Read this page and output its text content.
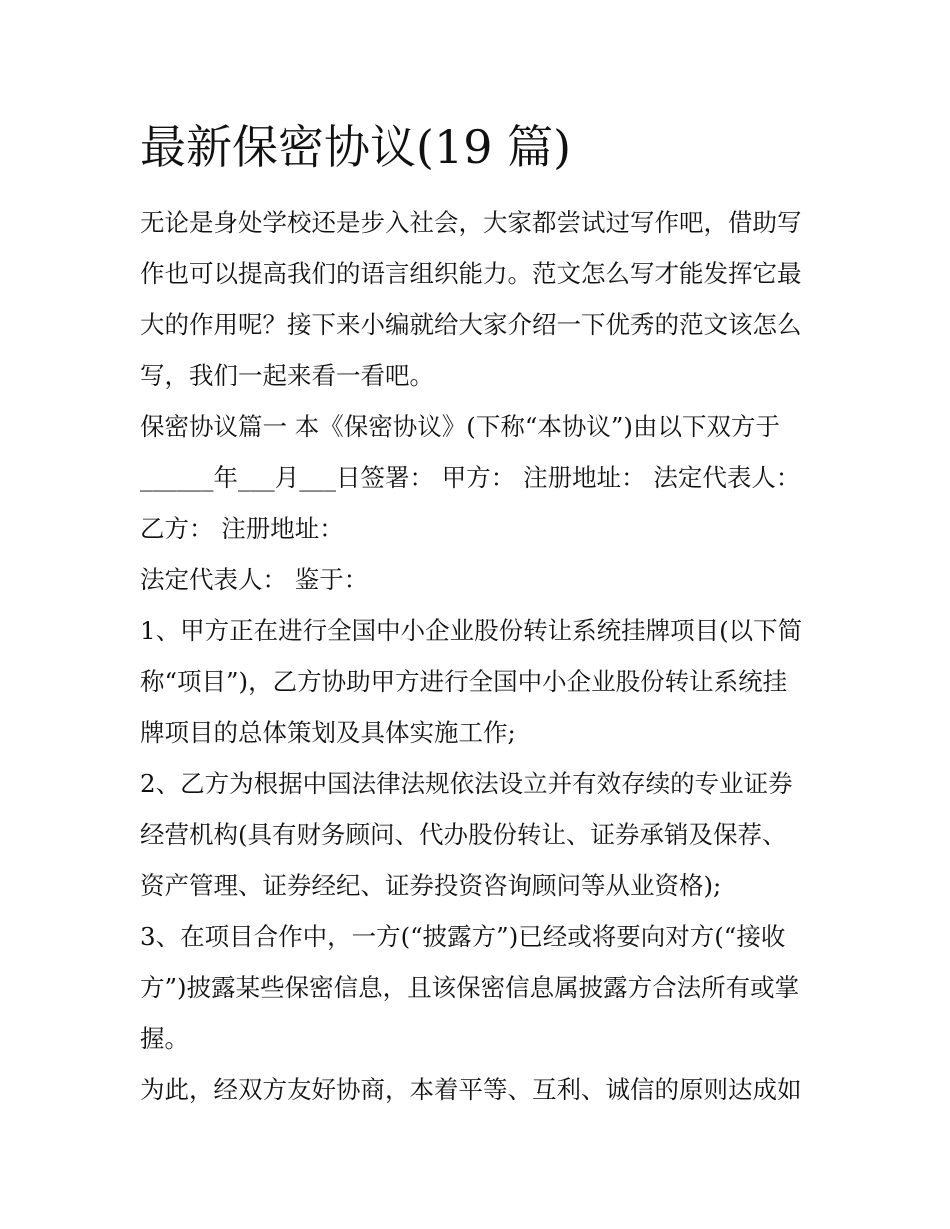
最新保密协议(19 篇)
无论是身处学校还是步入社会，大家都尝试过写作吧，借助写
作也可以提高我们的语言组织能力。范文怎么写才能发挥它最
大的作用呢？接下来小编就给大家介绍一下优秀的范文该怎么
写，我们一起来看一看吧。
保密协议篇一 本《保密协议》(下称“本协议”)由以下双方于
______年___月___日签署： 甲方： 注册地址： 法定代表人：
乙方： 注册地址：
法定代表人： 鉴于：
1、甲方正在进行全国中小企业股份转让系统挂牌项目(以下简
称“项目”)，乙方协助甲方进行全国中小企业股份转让系统挂
牌项目的总体策划及具体实施工作;
2、乙方为根据中国法律法规依法设立并有效存续的专业证券
经营机构(具有财务顾问、代办股份转让、证券承销及保荐、
资产管理、证券经纪、证券投资咨询顾问等从业资格);
3、在项目合作中，一方(“披露方”)已经或将要向对方(“接收
方”)披露某些保密信息，且该保密信息属披露方合法所有或掌
握。
为此，经双方友好协商，本着平等、互利、诚信的原则达成如
